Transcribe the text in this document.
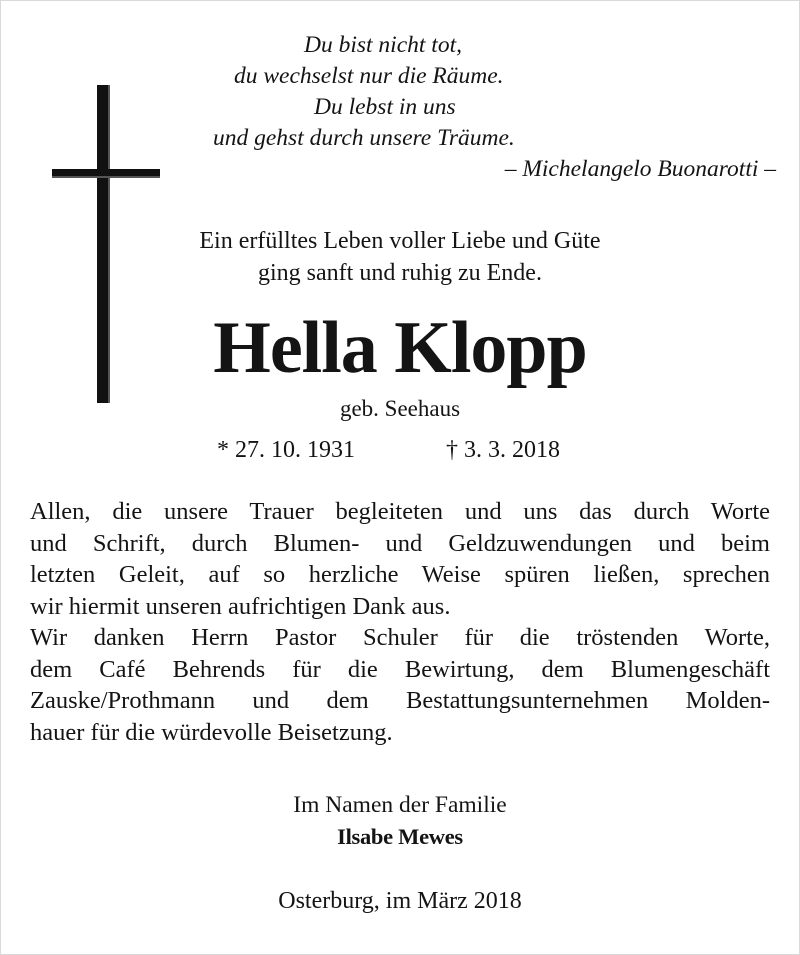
Du bist nicht tot,
du wechselst nur die Räume.
Du lebst in uns
und gehst durch unsere Träume.
– Michelangelo Buonarotti –
Ein erfülltes Leben voller Liebe und Güte
ging sanft und ruhig zu Ende.
Hella Klopp
geb. Seehaus
* 27. 10. 1931	† 3. 3. 2018

Allen, die unsere Trauer begleiteten und uns das durch Worte
und Schrift, durch Blumen- und Geldzuwendungen und beim
letzten Geleit, auf so herzliche Weise spüren ließen, sprechen
wir hiermit unseren aufrichtigen Dank aus.

Wir danken Herrn Pastor Schuler für die tröstenden Worte,
dem Café Behrends für die Bewirtung, dem Blumengeschäft
Zauske/Prothmann und dem Bestattungsunternehmen Molden-
hauer für die würdevolle Beisetzung.

Im Namen der Familie
Ilsabe Mewes
Osterburg, im März 2018
